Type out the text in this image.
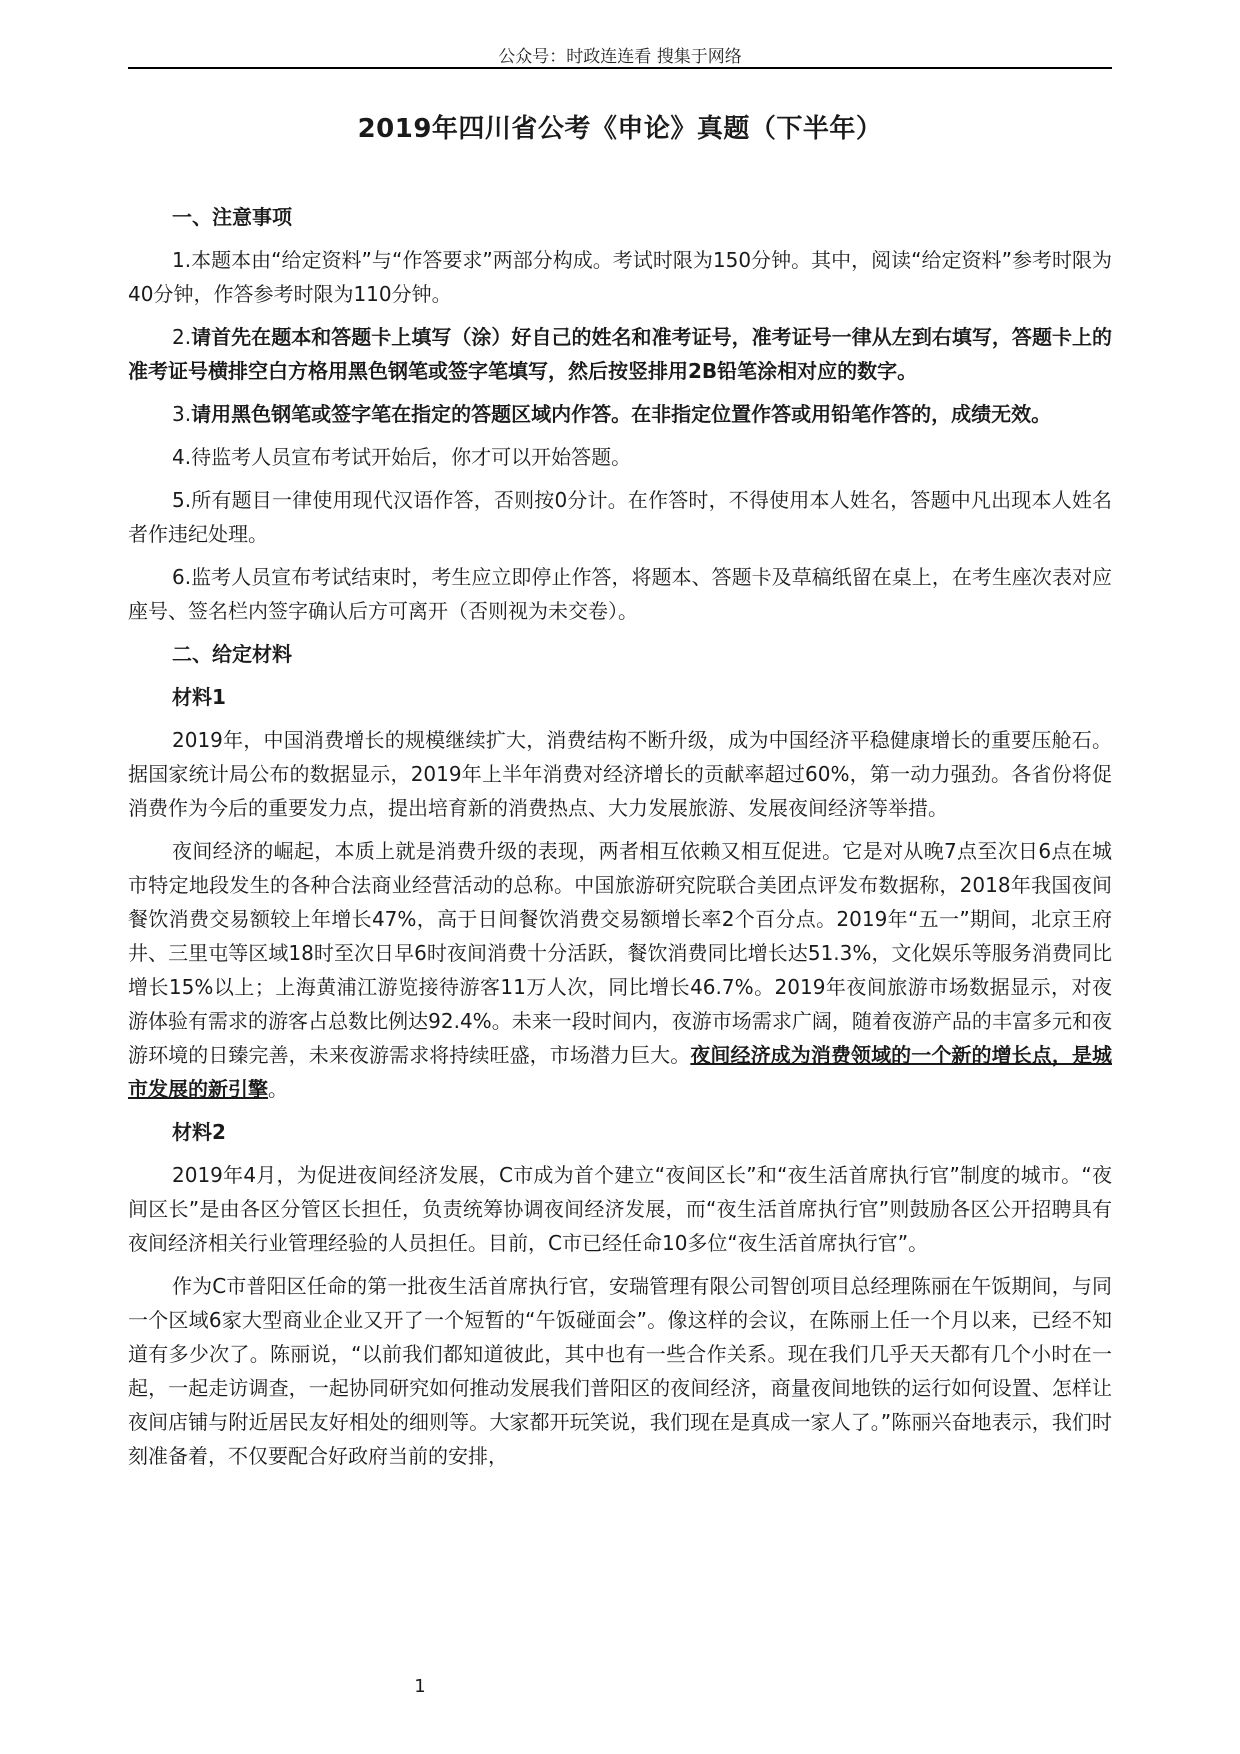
公众号：时政连连看 搜集于网络
2019年四川省公考《申论》真题（下半年）

一、注意事项

1.本题本由“给定资料”与“作答要求”两部分构成。考试时限为150分钟。其中，阅读“给定资料”参考时限为40分钟，作答参考时限为110分钟。

2.请首先在题本和答题卡上填写（涂）好自己的姓名和准考证号，准考证号一律从左到右填写，答题卡上的准考证号横排空白方格用黑色钢笔或签字笔填写，然后按竖排用2B铅笔涂相对应的数字。

3.请用黑色钢笔或签字笔在指定的答题区域内作答。在非指定位置作答或用铅笔作答的，成绩无效。

4.待监考人员宣布考试开始后，你才可以开始答题。

5.所有题目一律使用现代汉语作答，否则按0分计。在作答时，不得使用本人姓名，答题中凡出现本人姓名者作违纪处理。

6.监考人员宣布考试结束时，考生应立即停止作答，将题本、答题卡及草稿纸留在桌上，在考生座次表对应座号、签名栏内签字确认后方可离开（否则视为未交卷）。

二、给定材料

材料1

2019年，中国消费增长的规模继续扩大，消费结构不断升级，成为中国经济平稳健康增长的重要压舱石。据国家统计局公布的数据显示，2019年上半年消费对经济增长的贡献率超过60%，第一动力强劲。各省份将促消费作为今后的重要发力点，提出培育新的消费热点、大力发展旅游、发展夜间经济等举措。

夜间经济的崛起，本质上就是消费升级的表现，两者相互依赖又相互促进。它是对从晚7点至次日6点在城市特定地段发生的各种合法商业经营活动的总称。中国旅游研究院联合美团点评发布数据称，2018年我国夜间餐饮消费交易额较上年增长47%，高于日间餐饮消费交易额增长率2个百分点。2019年“五一”期间，北京王府井、三里屯等区域18时至次日早6时夜间消费十分活跃，餐饮消费同比增长达51.3%，文化娱乐等服务消费同比增长15%以上；上海黄浦江游览接待游客11万人次，同比增长46.7%。2019年夜间旅游市场数据显示，对夜游体验有需求的游客占总数比例达92.4%。未来一段时间内，夜游市场需求广阔，随着夜游产品的丰富多元和夜游环境的日臻完善，未来夜游需求将持续旺盛，市场潜力巨大。夜间经济成为消费领域的一个新的增长点，是城市发展的新引擎。

材料2

2019年4月，为促进夜间经济发展，C市成为首个建立“夜间区长”和“夜生活首席执行官”制度的城市。“夜间区长”是由各区分管区长担任，负责统筹协调夜间经济发展，而“夜生活首席执行官”则鼓励各区公开招聘具有夜间经济相关行业管理经验的人员担任。目前，C市已经任命10多位“夜生活首席执行官”。

作为C市普阳区任命的第一批夜生活首席执行官，安瑞管理有限公司智创项目总经理陈丽在午饭期间，与同一个区域6家大型商业企业又开了一个短暂的“午饭碰面会”。像这样的会议，在陈丽上任一个月以来，已经不知道有多少次了。陈丽说，“以前我们都知道彼此，其中也有一些合作关系。现在我们几乎天天都有几个小时在一起，一起走访调查，一起协同研究如何推动发展我们普阳区的夜间经济，商量夜间地铁的运行如何设置、怎样让夜间店铺与附近居民友好相处的细则等。大家都开玩笑说，我们现在是真成一家人了。”陈丽兴奋地表示，我们时刻准备着，不仅要配合好政府当前的安排，

1
